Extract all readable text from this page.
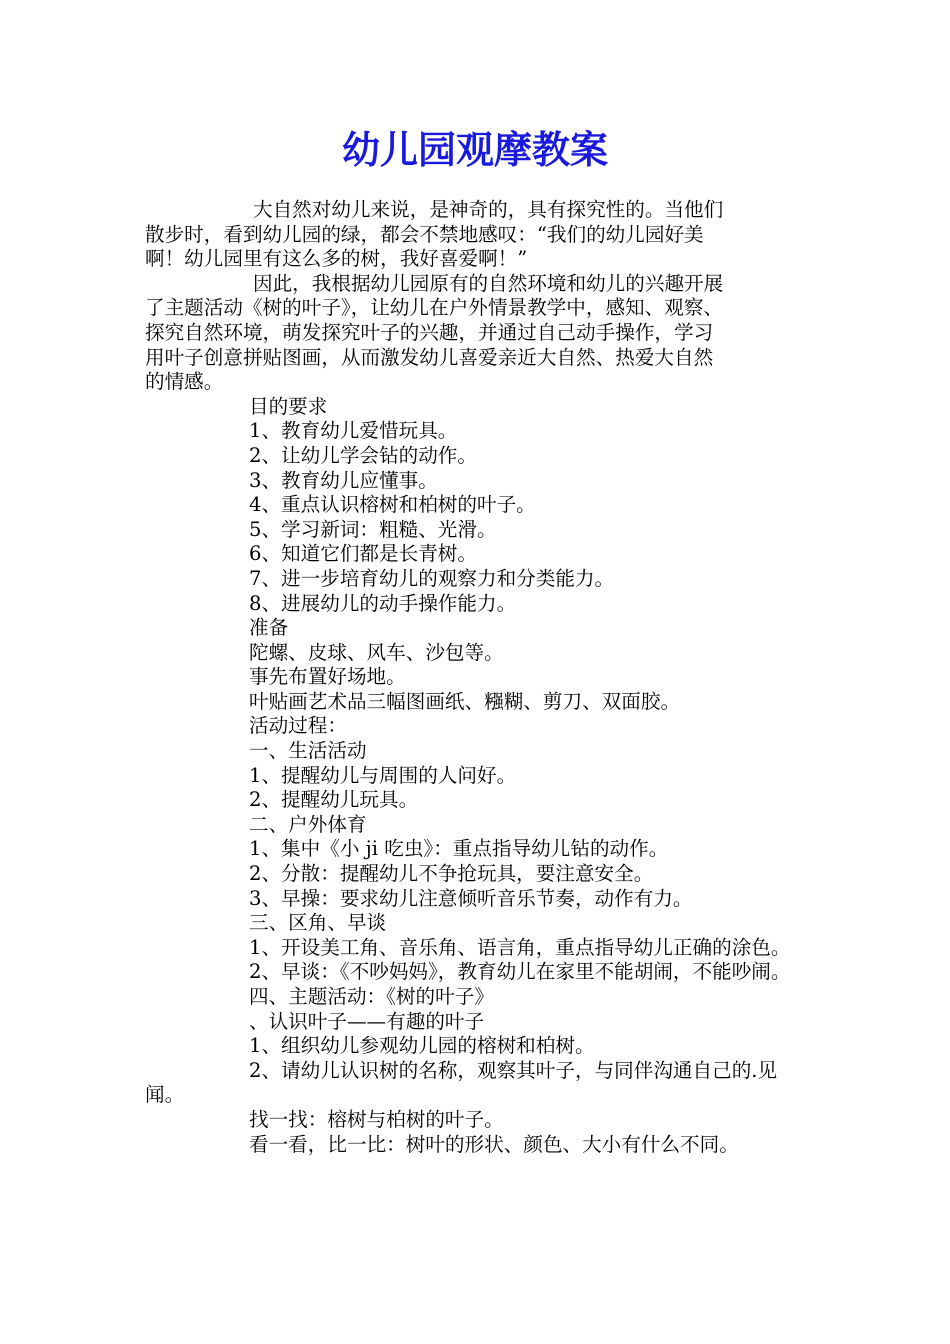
幼儿园观摩教案

大自然对幼儿来说，是神奇的，具有探究性的。当他们

散步时，看到幼儿园的绿，都会不禁地感叹：“我们的幼儿园好美

啊！幼儿园里有这么多的树，我好喜爱啊！”

因此，我根据幼儿园原有的自然环境和幼儿的兴趣开展

了主题活动《树的叶子》，让幼儿在户外情景教学中，感知、观察、

探究自然环境，萌发探究叶子的兴趣，并通过自己动手操作，学习

用叶子创意拼贴图画，从而激发幼儿喜爱亲近大自然、热爱大自然

的情感。

目的要求

1、教育幼儿爱惜玩具。

2、让幼儿学会钻的动作。

3、教育幼儿应懂事。

4、重点认识榕树和柏树的叶子。

5、学习新词：粗糙、光滑。

6、知道它们都是长青树。

7、进一步培育幼儿的观察力和分类能力。

8、进展幼儿的动手操作能力。

准备

陀螺、皮球、风车、沙包等。

事先布置好场地。

叶贴画艺术品三幅图画纸、糨糊、剪刀、双面胶。

活动过程：

一、生活活动

1、提醒幼儿与周围的人问好。

2、提醒幼儿玩具。

二、户外体育

1、集中《小 ji 吃虫》：重点指导幼儿钻的动作。

2、分散：提醒幼儿不争抢玩具，要注意安全。

3、早操：要求幼儿注意倾听音乐节奏，动作有力。

三、区角、早谈

1、开设美工角、音乐角、语言角，重点指导幼儿正确的涂色。

2、早谈：《不吵妈妈》，教育幼儿在家里不能胡闹，不能吵闹。

四、主题活动：《树的叶子》

、认识叶子——有趣的叶子

1、组织幼儿参观幼儿园的榕树和柏树。

2、请幼儿认识树的名称，观察其叶子，与同伴沟通自己的.见闻。

找一找：榕树与柏树的叶子。

看一看，比一比：树叶的形状、颜色、大小有什么不同。
